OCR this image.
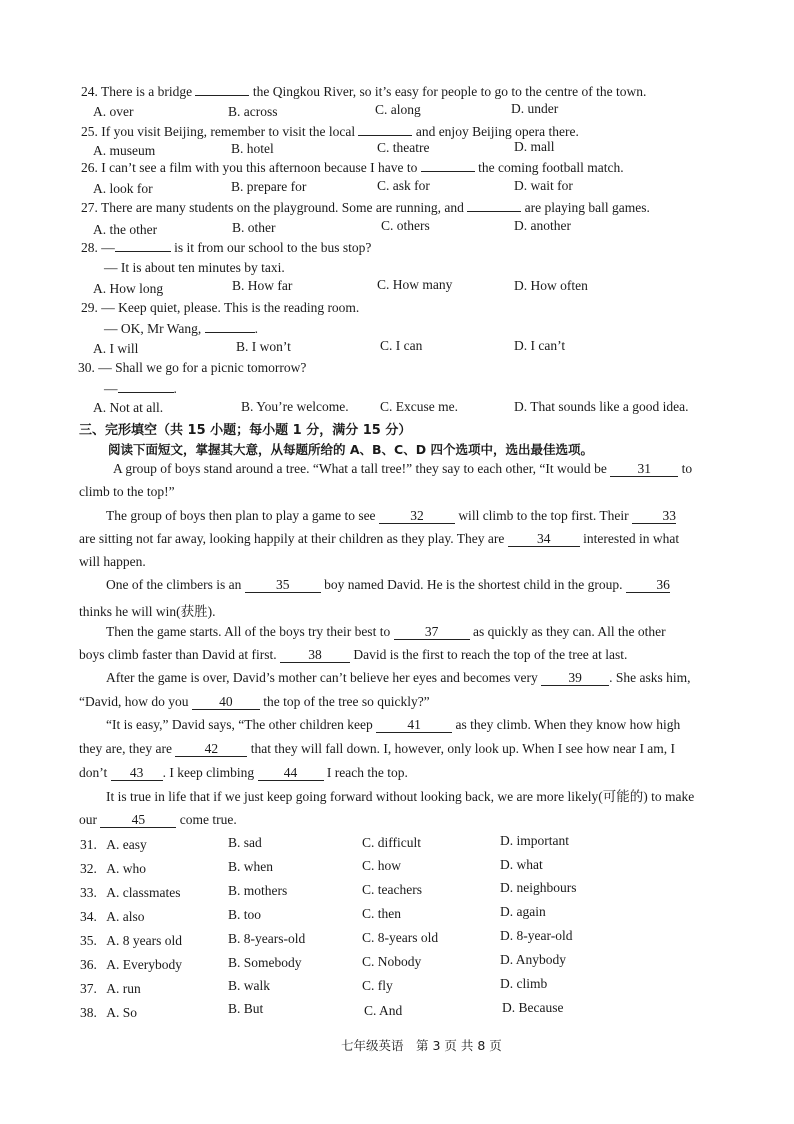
24. There is a bridge	the Qingkou River, so it’s easy for people to go to the centre of the town.
A. over	B. across	C. along	D. under
25. If you visit Beijing, remember to visit the local	and enjoy Beijing opera there.
A. museum	B. hotel	C. theatre	D. mall
26. I can’t see a film with you this afternoon because I have to	the coming football match.
A. look for	B. prepare for	C. ask for	D. wait for
27. There are many students on the playground. Some are running, and	are playing ball games.
A. the other	B. other	C. others	D. another
28. —	is it from our school to the bus stop?
— It is about ten minutes by taxi.
A. How long	B. How far	C. How many	D. How often
29. — Keep quiet, please. This is the reading room.
— OK, Mr Wang,	.
A. I will	B. I won’t	C. I can	D. I can’t
30. — Shall we go for a picnic tomorrow?
—	.
A. Not at all.	B. You’re welcome. C. Excuse me.	D. That sounds like a good idea.
三、完形填空（共 15 小题；每小题 1 分，满分 15 分）
阅读下面短文，掌握其大意，从每题所给的 A、B、C、D 四个选项中，选出最佳选项。
A group of boys stand around a tree. “What a tall tree!” they say to each other, “It would be 31 to
climb to the top!”
The group of boys then plan to play a game to see	32	will climb to the top first. Their	33
are sitting not far away, looking happily at their children as they play. They are 34 interested in what
will happen.
One of the climbers is an	35	boy named David. He is the shortest child in the group.	36
thinks he will win(获胜).
Then the game starts. All of the boys try their best to	37	as quickly as they can. All the other
boys climb faster than David at first. 38 David is the first to reach the top of the tree at last.
After the game is over, David’s mother can’t believe her eyes and becomes very 39 . She asks him,
“David, how do you 40 the top of the tree so quickly?”
“It is easy,” David says, “The other children keep	41	as they climb. When they know how high
they are, they are 42 that they will fall down. I, however, only look up. When I see how near I am, I
don’t 43 . I keep climbing 44 I reach the top.
It is true in life that if we just keep going forward without looking back, we are more likely(可能的) to make
our	45	come true.
31. A. easy	B. sad	C. difficult	D. important
32. A. who	B. when	C. how	D. what
33. A. classmates	B. mothers	C. teachers	D. neighbours
34. A. also	B. too	C. then	D. again
35. A. 8 years old	B. 8-years-old	C. 8-years old	D. 8-year-old
36. A. Everybody	B. Somebody	C. Nobody	D. Anybody
37. A. run	B. walk	C. fly	D. climb
38. A. So	B. But	C. And	D. Because
七年级英语　第 3 页 共 8 页
